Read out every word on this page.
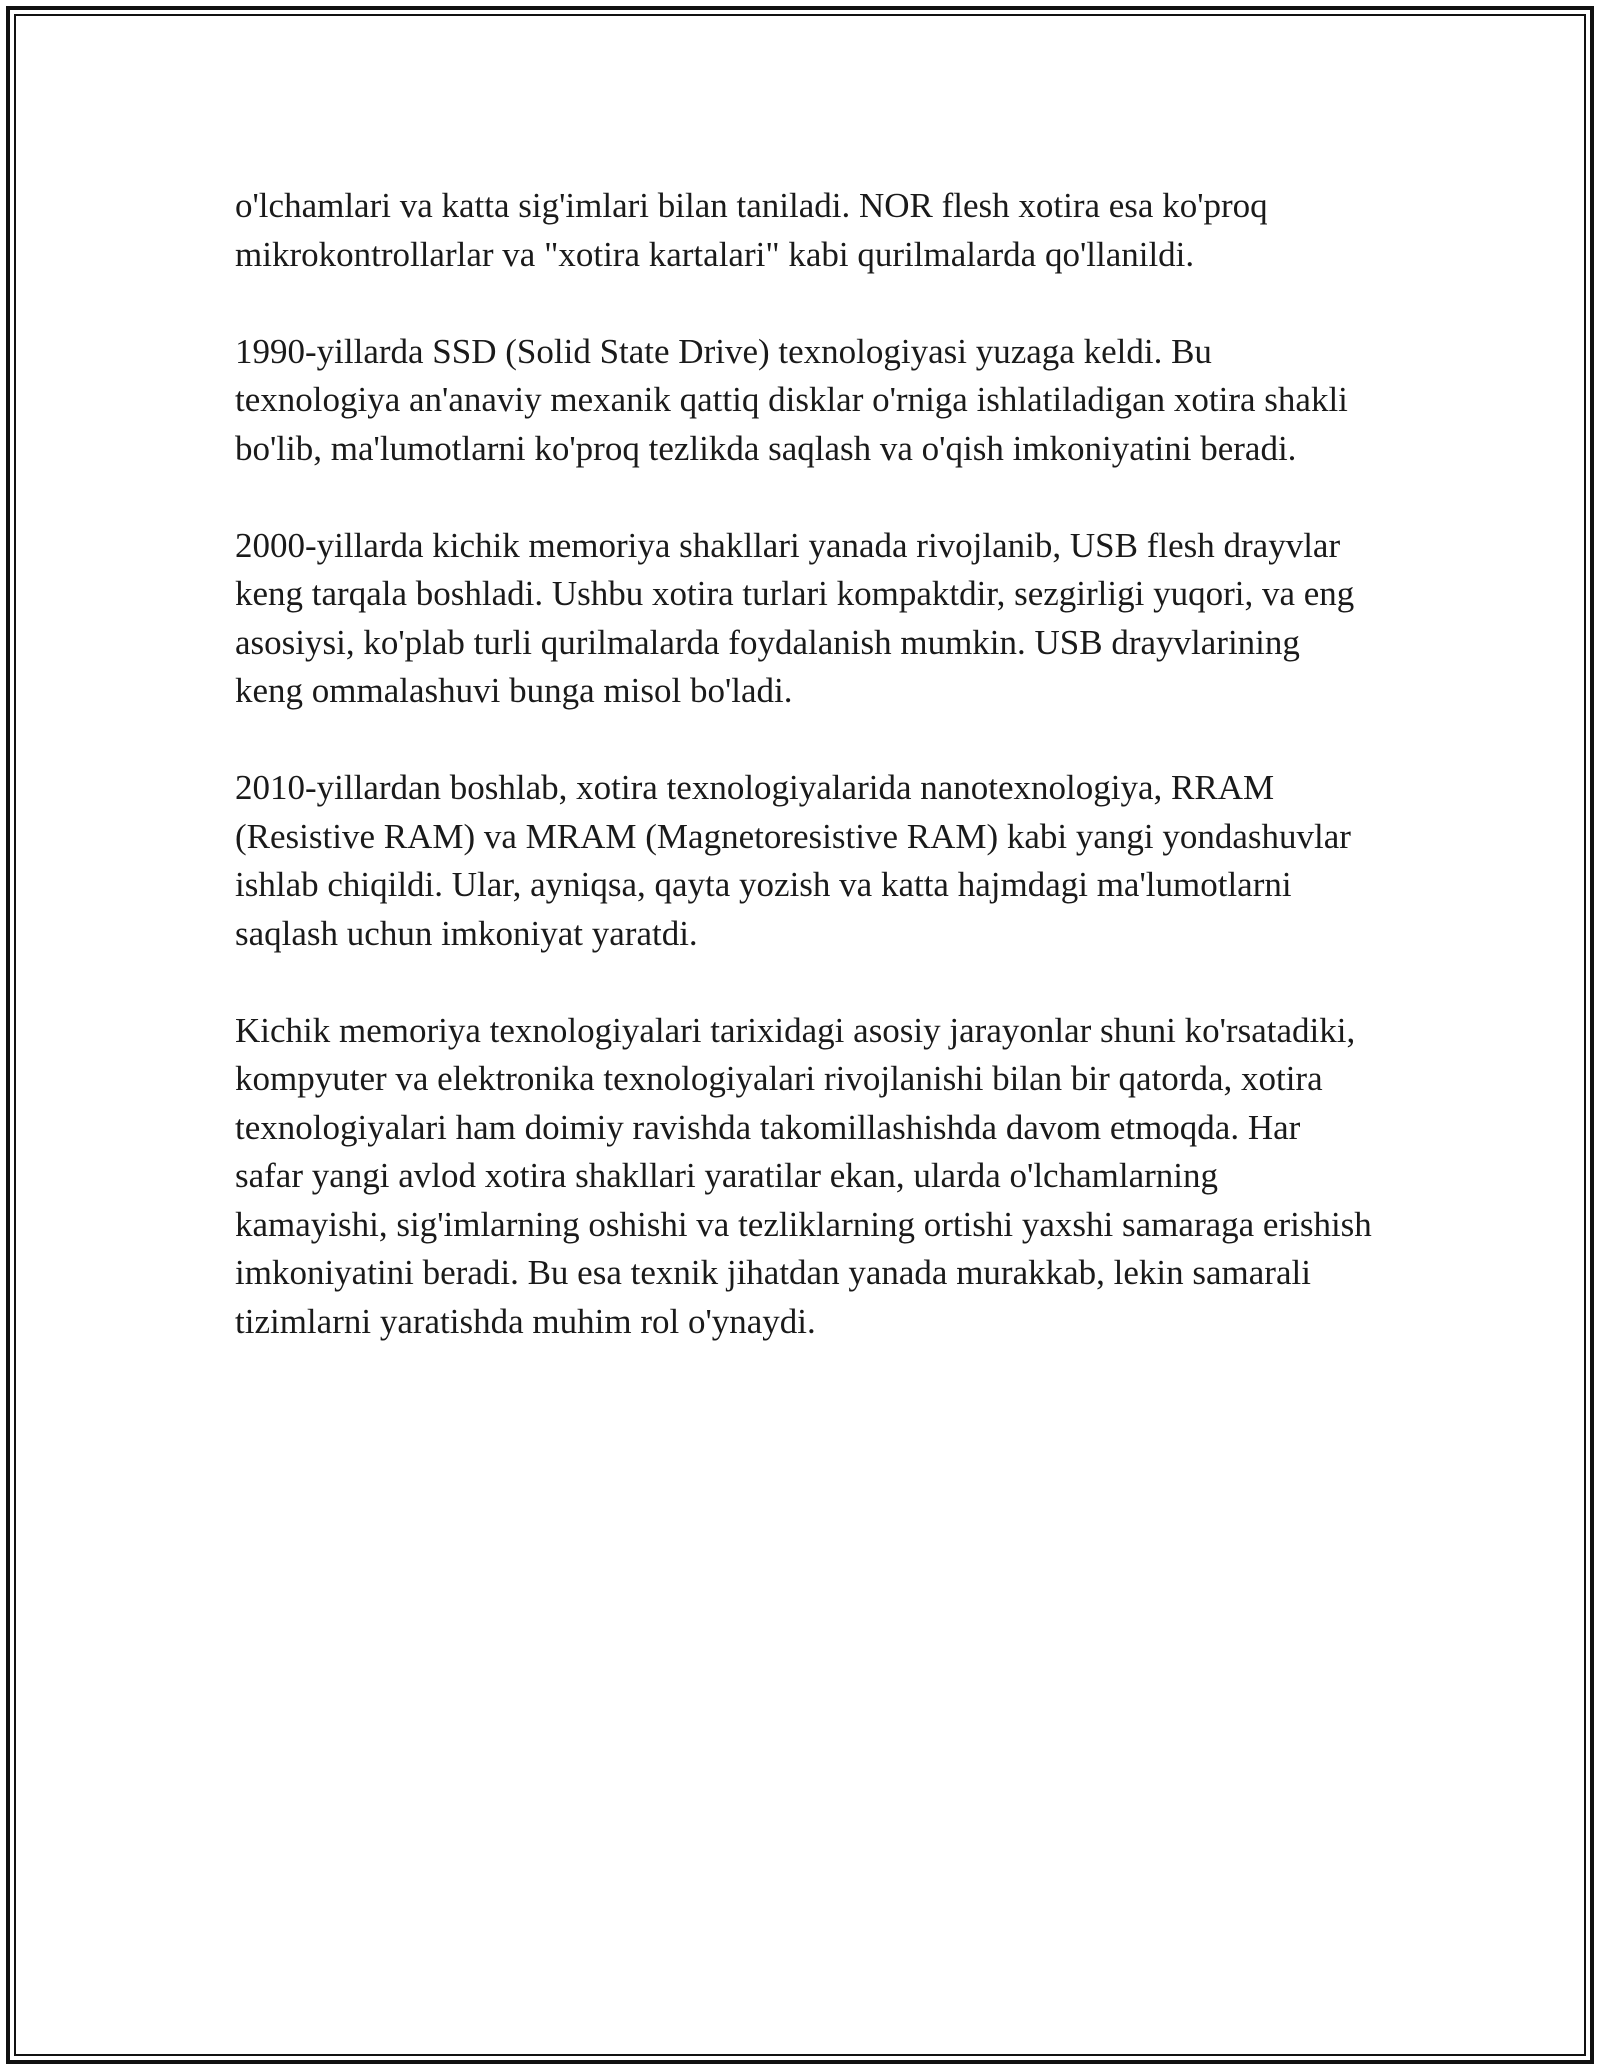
o'lchamlari va katta sig'imlari bilan taniladi. NOR flesh xotira esa ko'proq mikrokontrollarlar va "xotira kartalari" kabi qurilmalarda qo'llanildi.

1990-yillarda SSD (Solid State Drive) texnologiyasi yuzaga keldi. Bu texnologiya an'anaviy mexanik qattiq disklar o'rniga ishlatiladigan xotira shakli bo'lib, ma'lumotlarni ko'proq tezlikda saqlash va o'qish imkoniyatini beradi.

2000-yillarda kichik memoriya shakllari yanada rivojlanib, USB flesh drayvlar keng tarqala boshladi. Ushbu xotira turlari kompaktdir, sezgirligi yuqori, va eng asosiysi, ko'plab turli qurilmalarda foydalanish mumkin. USB drayvlarining keng ommalashuvi bunga misol bo'ladi.

2010-yillardan boshlab, xotira texnologiyalarida nanotexnologiya, RRAM (Resistive RAM) va MRAM (Magnetoresistive RAM) kabi yangi yondashuvlar ishlab chiqildi. Ular, ayniqsa, qayta yozish va katta hajmdagi ma'lumotlarni saqlash uchun imkoniyat yaratdi.

Kichik memoriya texnologiyalari tarixidagi asosiy jarayonlar shuni ko'rsatadiki, kompyuter va elektronika texnologiyalari rivojlanishi bilan bir qatorda, xotira texnologiyalari ham doimiy ravishda takomillashishda davom etmoqda. Har safar yangi avlod xotira shakllari yaratilar ekan, ularda o'lchamlarning kamayishi, sig'imlarning oshishi va tezliklarning ortishi yaxshi samaraga erishish imkoniyatini beradi. Bu esa texnik jihatdan yanada murakkab, lekin samarali tizimlarni yaratishda muhim rol o'ynaydi.
